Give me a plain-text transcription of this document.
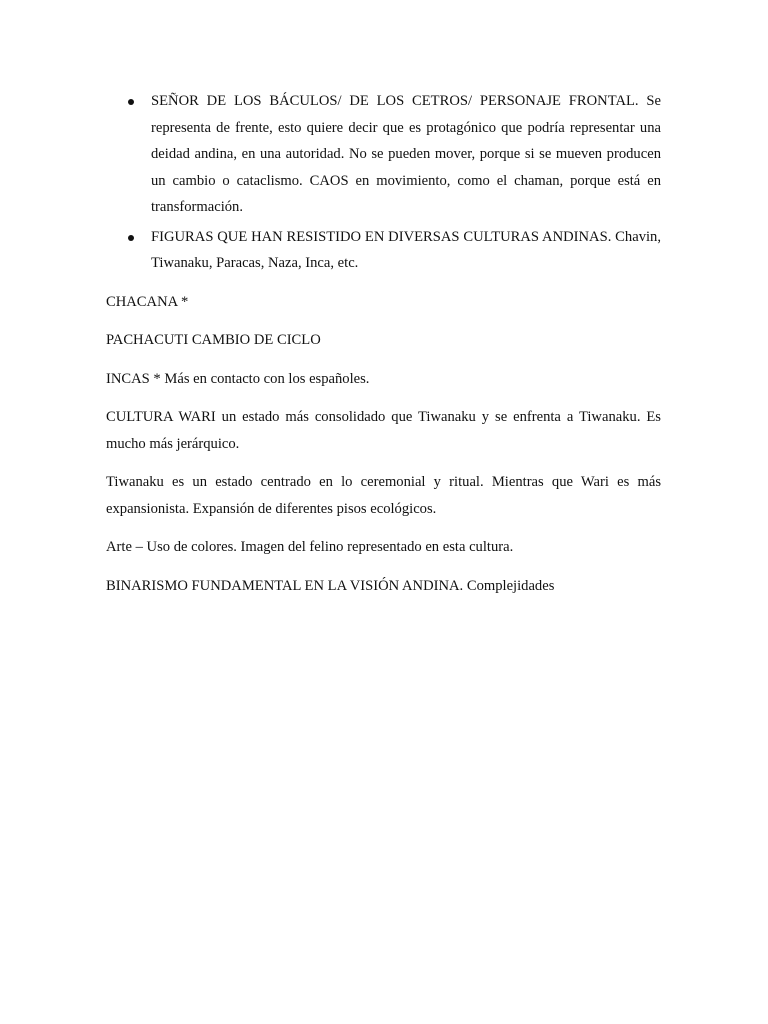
SEÑOR DE LOS BÁCULOS/ DE LOS CETROS/ PERSONAJE FRONTAL. Se representa de frente, esto quiere decir que es protagónico que podría representar una deidad andina, en una autoridad. No se pueden mover, porque si se mueven producen un cambio o cataclismo. CAOS en movimiento, como el chaman, porque está en transformación.
FIGURAS QUE HAN RESISTIDO EN DIVERSAS CULTURAS ANDINAS. Chavin, Tiwanaku, Paracas, Naza, Inca, etc.

CHACANA *

PACHACUTI CAMBIO DE CICLO

INCAS * Más en contacto con los españoles.

CULTURA WARI un estado más consolidado que Tiwanaku y se enfrenta a Tiwanaku. Es mucho más jerárquico.

Tiwanaku es un estado centrado en lo ceremonial y ritual. Mientras que Wari es más expansionista. Expansión de diferentes pisos ecológicos.

Arte – Uso de colores. Imagen del felino representado en esta cultura.

BINARISMO FUNDAMENTAL EN LA VISIÓN ANDINA. Complejidades
